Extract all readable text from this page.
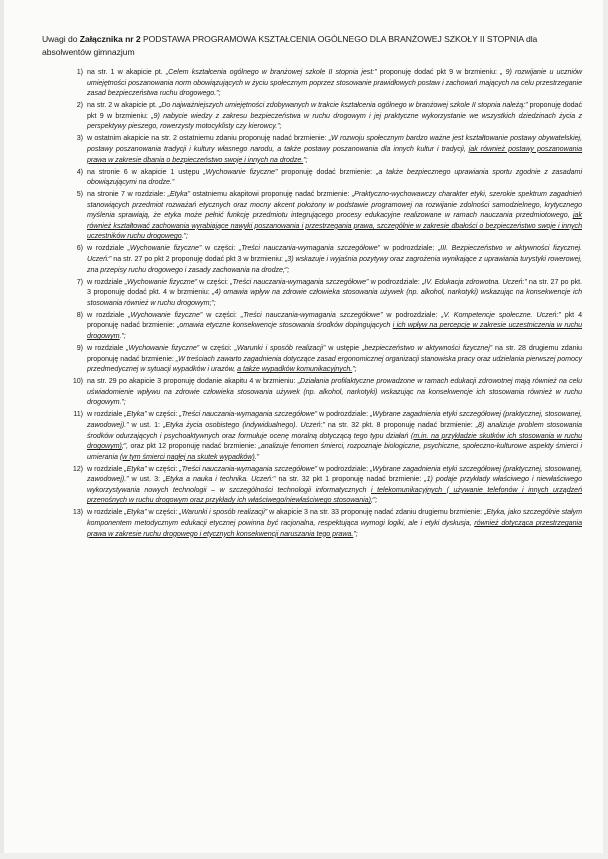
Uwagi do Załącznika nr 2 PODSTAWA PROGRAMOWA KSZTAŁCENIA OGÓLNEGO DLA BRANŻOWEJ SZKOŁY II STOPNIA dla absolwentów gimnazjum
1) na str. 1 w akapicie pt. „Celem kształcenia ogólnego w branżowej szkole II stopnia jest:” proponuję dodać pkt 9 w brzmieniu: „ 9) rozwijanie u uczniów umiejętności poszanowania norm obowiązujących w życiu społecznym poprzez stosowanie prawidłowych postaw i zachowań mających na celu przestrzeganie zasad bezpieczeństwa ruchu drogowego.”;
2) na str. 2 w akapicie pt. „Do najważniejszych umiejętności zdobywanych w trakcie kształcenia ogólnego w branżowej szkole II stopnia należą:” proponuję dodać pkt 9 w brzmieniu: „9) nabycie wiedzy z zakresu bezpieczeństwa w ruchu drogowym i jej praktyczne wykorzystanie we wszystkich dziedzinach życia z perspektywy pieszego, rowerzysty motocyklisty czy kierowcy.”;
3) w ostatnim akapicie na str. 2 ostatniemu zdaniu proponuję nadać brzmienie: „W rozwoju społecznym bardzo ważne jest kształtowanie postawy obywatelskiej, postawy poszanowania tradycji i kultury własnego narodu, a także postawy poszanowania dla innych kultur i tradycji, jak również postawy poszanowania prawa w zakresie dbania o bezpieczeństwo swoje i innych na drodze.”;
4) na stronie 6 w akapicie 1 ustępu „Wychowanie fizyczne” proponuję dodać brzmienie: „a także bezpiecznego uprawiania sportu zgodnie z zasadami obowiązującymi na drodze.”
5) na stronie 7 w rozdziale: „Etyka” ostatniemu akapitowi proponuję nadać brzmienie: „Praktyczno-wychowawczy charakter etyki, szerokie spektrum zagadnień stanowiących przedmiot rozważań etycznych oraz mocny akcent położony w podstawie programowej na rozwijanie zdolności samodzielnego, krytycznego myślenia sprawiają, że etyka może pełnić funkcję przedmiotu integrującego procesy edukacyjne realizowane w ramach nauczania przedmiotowego, jak również kształtować zachowania wyrabiające nawyki poszanowania i przestrzegania prawa, szczególnie w zakresie dbałości o bezpieczeństwo swoje i innych uczestników ruchu drogowego.”;
6) w rozdziale „Wychowanie fizyczne” w części: „Treści nauczania-wymagania szczegółowe” w podrozdziale: „III. Bezpieczeństwo w aktywności fizycznej. Uczeń:” na str. 27 po pkt 2 proponuję dodać pkt 3 w brzmieniu: „3) wskazuje i wyjaśnia pozytywy oraz zagrożenia wynikające z uprawiania turystyki rowerowej, zna przepisy ruchu drogowego i zasady zachowania na drodze;”;
7) w rozdziale „Wychowanie fizyczne” w części: „Treści nauczania-wymagania szczegółowe” w podrozdziale: „IV. Edukacja zdrowotna. Uczeń:” na str. 27 po pkt. 3 proponuję dodać pkt. 4 w brzmieniu: „4) omawia wpływ na zdrowie człowieka stosowania używek (np. alkohol, narkotyki) wskazując na konsekwencje ich stosowania również w ruchu drogowym;”;
8) w rozdziale „Wychowanie fizyczne” w części: „Treści nauczania-wymagania szczegółowe” w podrozdziale: „V. Kompetencje społeczne. Uczeń:” pkt 4 proponuję nadać brzmienie: „omawia etyczne konsekwencje stosowania środków dopingujących i ich wpływ na percepcję w zakresie uczestniczenia w ruchu drogowym.”;
9) w rozdziale „Wychowanie fizyczne” w części: „Warunki i sposób realizacji” w ustępie „bezpieczeństwo w aktywności fizycznej” na str. 28 drugiemu zdaniu proponuję nadać brzmienie: „W treściach zawarto zagadnienia dotyczące zasad ergonomicznej organizacji stanowiska pracy oraz udzielania pierwszej pomocy przedmedycznej w sytuacji wypadków i urazów, a także wypadków komunikacyjnych.”;
10) na str. 29 po akapicie 3 proponuję dodanie akapitu 4 w brzmieniu: „Działania profilaktyczne prowadzone w ramach edukacji zdrowotnej mają również na celu uświadomienie wpływu na zdrowie człowieka stosowania używek (np. alkohol, narkotyki) wskazując na konsekwencje ich stosowania również w ruchu drogowym.”;
11) w rozdziale „Etyka” w części: „Treści nauczania-wymagania szczegółowe” w podrozdziale: „Wybrane zagadnienia etyki szczegółowej (praktycznej, stosowanej, zawodowej).” w ust. 1: „Etyka życia osobistego (indywidualnego). Uczeń:” na str. 32 pkt. 8 proponuję nadać brzmienie: „8) analizuje problem stosowania środków odurzających i psychoaktywnych oraz formułuje ocenę moralną dotyczącą tego typu działań (m.in. na przykładzie skutków ich stosowania w ruchu drogowym);”, oraz pkt 12 proponuję nadać brzmienie: „analizuje fenomen śmierci, rozpoznaje biologiczne, psychiczne, społeczno-kulturowe aspekty śmierci i umierania (w tym śmierci nagłej na skutek wypadków).”
12) w rozdziale „Etyka” w części: „Treści nauczania-wymagania szczegółowe” w podrozdziale: „Wybrane zagadnienia etyki szczegółowej (praktycznej, stosowanej, zawodowej).” w ust. 3: „Etyka a nauka i technika. Uczeń:” na str. 32 pkt 1 proponuję nadać brzmienie: „1) podaje przykłady właściwego i niewłaściwego wykorzystywania nowych technologii – w szczególności technologii informatycznych i telekomunikacyjnych ( używanie telefonów i innych urządzeń przenośnych w ruchu drogowym oraz przykłady ich właściwego/niewłaściwego stosowania);”;
13) w rozdziale „Etyka” w części: „Warunki i sposób realizacji” w akapicie 3 na str. 33 proponuję nadać zdaniu drugiemu brzmienie: „Etyka, jako szczególnie stałym komponentem metodycznym edukacji etycznej powinna być racjonalna, respektująca wymogi logiki, ale i etyki dyskusja, również dotycząca przestrzegania prawa w zakresie ruchu drogowego i etycznych konsekwencji naruszania tego prawa.”;
